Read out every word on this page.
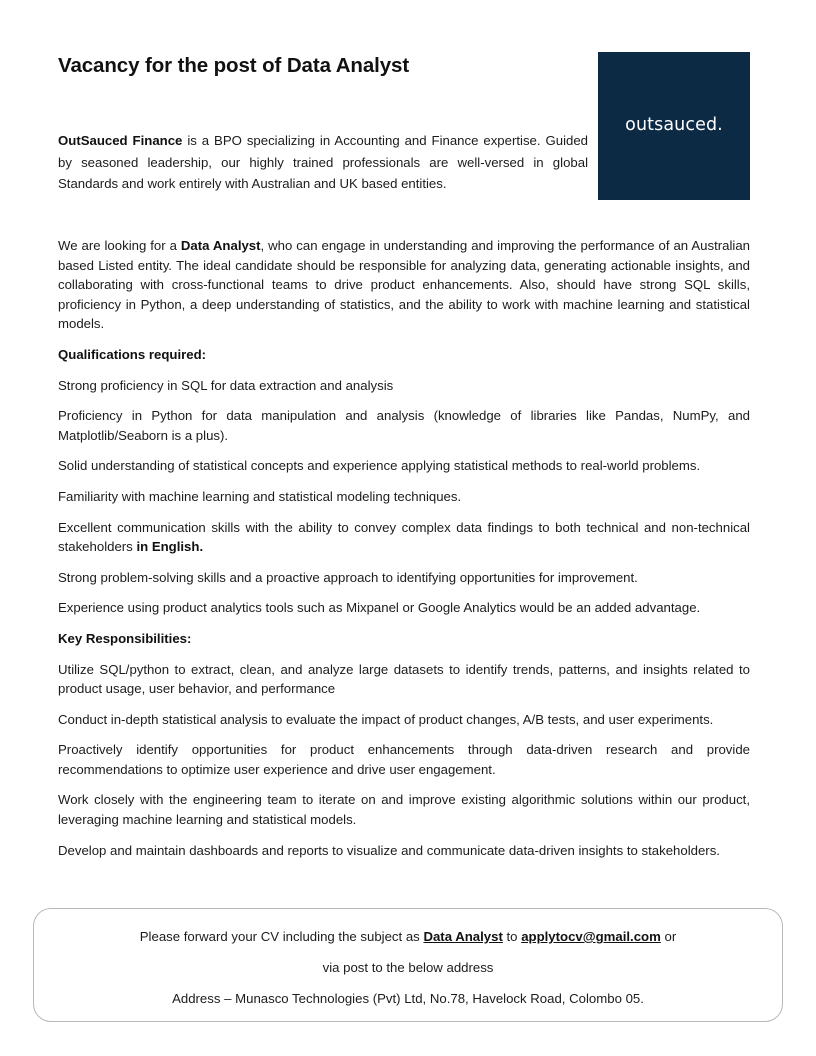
Vacancy for the post of Data Analyst
outsauced.
OutSauced Finance is a BPO specializing in Accounting and Finance expertise. Guided by seasoned leadership, our highly trained professionals are well-versed in global Standards and work entirely with Australian and UK based entities.

We are looking for a Data Analyst, who can engage in understanding and improving the performance of an Australian based Listed entity. The ideal candidate should be responsible for analyzing data, generating actionable insights, and collaborating with cross-functional teams to drive product enhancements. Also, should have strong SQL skills, proficiency in Python, a deep understanding of statistics, and the ability to work with machine learning and statistical models.

Qualifications required:

Strong proficiency in SQL for data extraction and analysis

Proficiency in Python for data manipulation and analysis (knowledge of libraries like Pandas, NumPy, and Matplotlib/Seaborn is a plus).

Solid understanding of statistical concepts and experience applying statistical methods to real-world problems.

Familiarity with machine learning and statistical modeling techniques.

Excellent communication skills with the ability to convey complex data findings to both technical and non-technical stakeholders in English.

Strong problem-solving skills and a proactive approach to identifying opportunities for improvement.

Experience using product analytics tools such as Mixpanel or Google Analytics would be an added advantage.

Key Responsibilities:

Utilize SQL/python to extract, clean, and analyze large datasets to identify trends, patterns, and insights related to product usage, user behavior, and performance

Conduct in-depth statistical analysis to evaluate the impact of product changes, A/B tests, and user experiments.

Proactively identify opportunities for product enhancements through data-driven research and provide recommendations to optimize user experience and drive user engagement.

Work closely with the engineering team to iterate on and improve existing algorithmic solutions within our product, leveraging machine learning and statistical models.

Develop and maintain dashboards and reports to visualize and communicate data-driven insights to stakeholders.

Please forward your CV including the subject as Data Analyst to applytocv@gmail.com or
via post to the below address
Address – Munasco Technologies (Pvt) Ltd, No.78, Havelock Road, Colombo 05.
